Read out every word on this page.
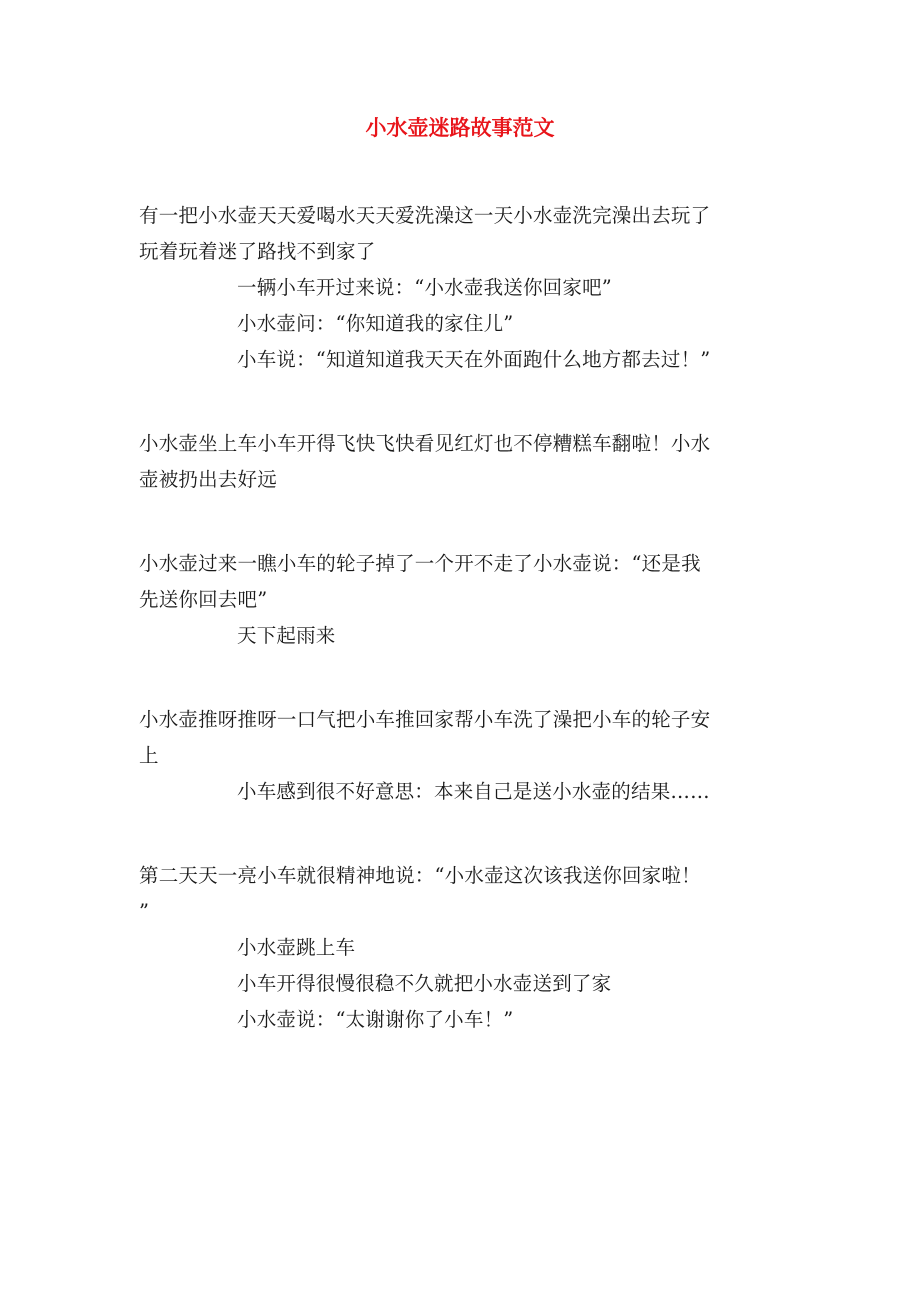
小水壶迷路故事范文
有一把小水壶天天爱喝水天天爱洗澡这一天小水壶洗完澡出去玩了
玩着玩着迷了路找不到家了
一辆小车开过来说：“小水壶我送你回家吧”
小水壶问：“你知道我的家住儿”
小车说：“知道知道我天天在外面跑什么地方都去过！”
小水壶坐上车小车开得飞快飞快看见红灯也不停糟糕车翻啦！小水
壶被扔出去好远
小水壶过来一瞧小车的轮子掉了一个开不走了小水壶说：“还是我
先送你回去吧”
天下起雨来
小水壶推呀推呀一口气把小车推回家帮小车洗了澡把小车的轮子安
上
小车感到很不好意思：本来自己是送小水壶的结果……
第二天天一亮小车就很精神地说：“小水壶这次该我送你回家啦！
”
小水壶跳上车
小车开得很慢很稳不久就把小水壶送到了家
小水壶说：“太谢谢你了小车！”
